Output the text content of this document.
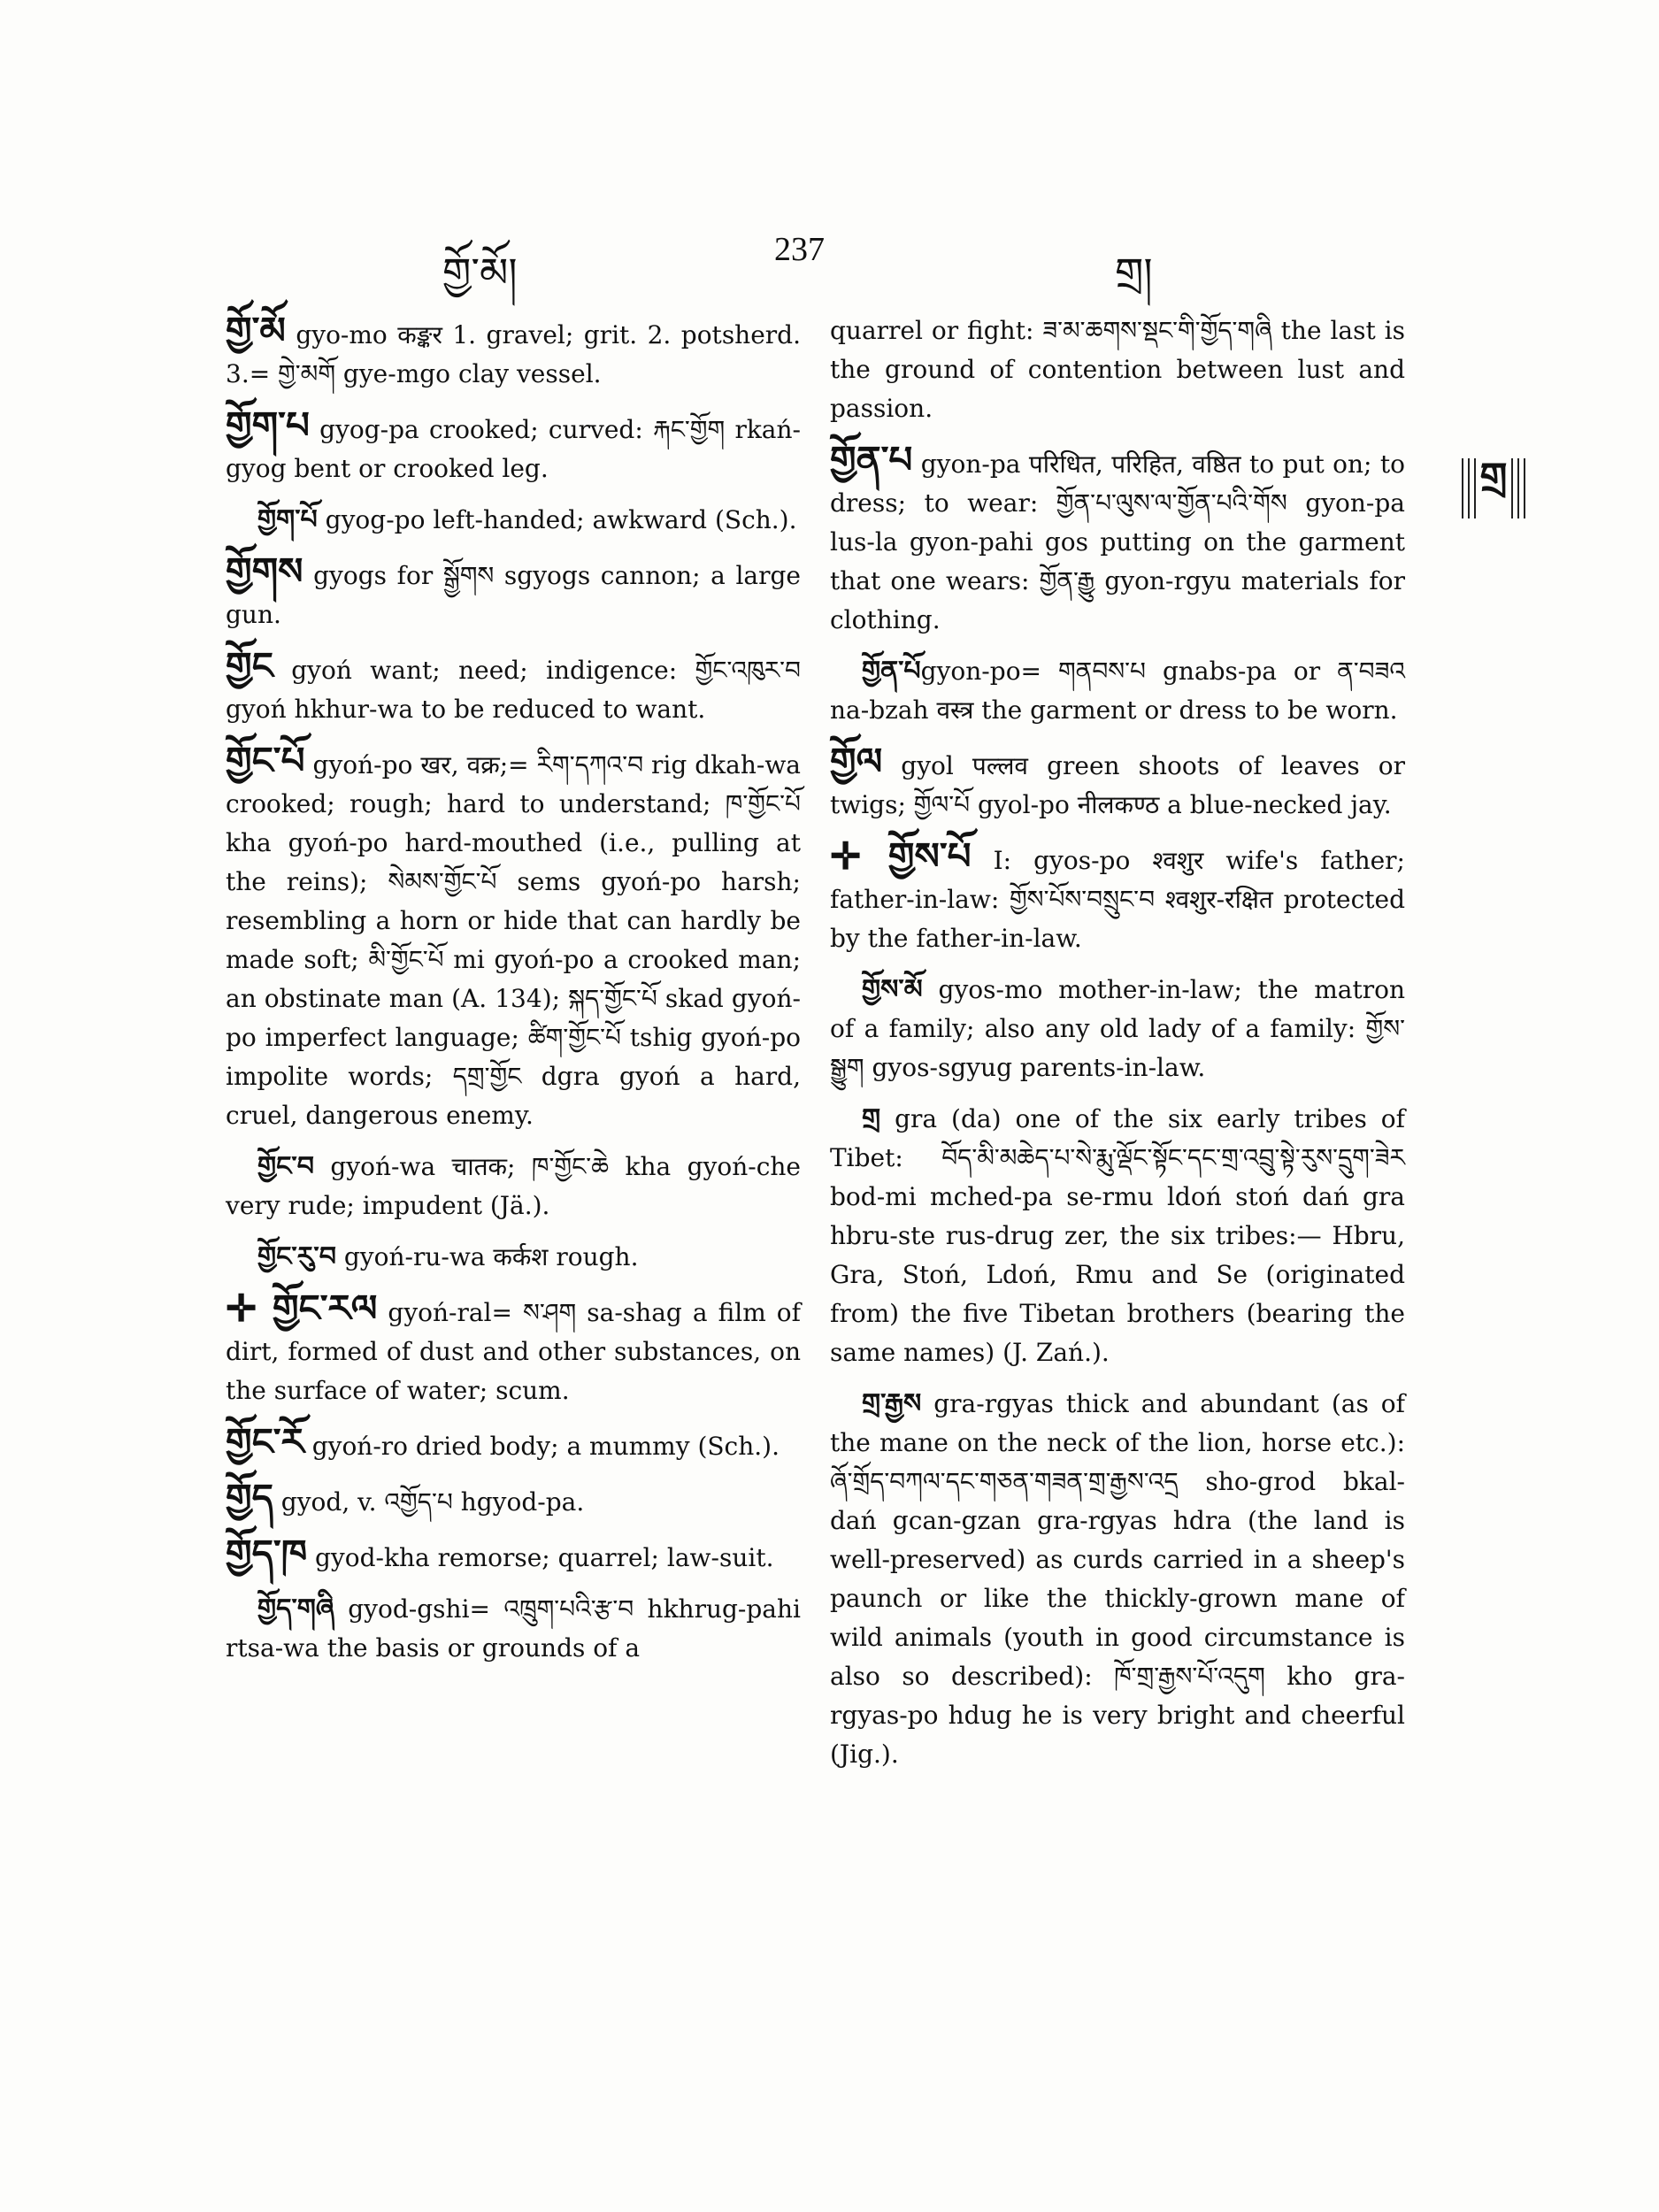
གྱོ་མོ།	237	གྲ།
གྲ

གྱོ་མོ gyo-mo कङ्कर 1. gravel; grit. 2. potsherd. 3.= གྱེ་མགོ gye-mgo clay vessel.

གྱོག་པ gyog-pa crooked; curved: རྐང་གྱོག rkań-gyog bent or crooked leg.

གྱོག་པོ gyog-po left-handed; awkward (Sch.).

གྱོགས gyogs for སྒྱོགས sgyogs cannon; a large gun.

གྱོང gyoń want; need; indigence: གྱོང་འཁུར་བ gyoń hkhur-wa to be reduced to want.

གྱོང་པོ gyoń-po खर, वक्र;= རིག་དཀའ་བ rig dkah-wa crooked; rough; hard to understand; ཁ་གྱོང་པོ kha gyoń-po hard-mouthed (i.e., pulling at the reins); སེམས་གྱོང་པོ sems gyoń-po harsh; resembling a horn or hide that can hardly be made soft; མི་གྱོང་པོ mi gyoń-po a crooked man; an obstinate man (A. 134); སྐད་གྱོང་པོ skad gyoń-po imperfect language; ཚིག་གྱོང་པོ tshig gyoń-po impolite words; དགྲ་གྱོང dgra gyoń a hard, cruel, dangerous enemy.

གྱོང་བ gyoń-wa चातक; ཁ་གྱོང་ཆེ kha gyoń-che very rude; impudent (Jä.).

གྱོང་རུ་བ gyoń-ru-wa कर्कश rough.

✛ གྱོང་རལ gyoń-ral= ས་ཤག sa-shag a film of dirt, formed of dust and other substances, on the surface of water; scum.

གྱོང་རོ gyoń-ro dried body; a mummy (Sch.).

གྱོད gyod, v. འགྱོད་པ hgyod-pa.

གྱོད་ཁ gyod-kha remorse; quarrel; law-suit.

གྱོད་གཞི gyod-gshi= འཁྲུག་པའི་རྩ་བ hkhrug-pahi rtsa-wa the basis or grounds of a

quarrel or fight: ཟ་མ་ཆགས་སྡང་གི་གྱོད་གཞི the last is the ground of contention between lust and passion.

གྱོན་པ gyon-pa परिधित, परिहित, वष्ठित to put on; to dress; to wear: གྱོན་པ་ལུས་ལ་གྱོན་པའི་གོས gyon-pa lus-la gyon-pahi gos putting on the garment that one wears: གྱོན་རྒྱུ gyon-rgyu materials for clothing.

གྱོན་པོgyon-po= གནབས་པ gnabs-pa or ན་བཟའ na-bzah वस्त्र the garment or dress to be worn.

གྱོལ gyol पल्लव green shoots of leaves or twigs; གྱོལ་པོ gyol-po नीलकण्ठ a blue-necked jay.

✛ གྱོས་པོ I: gyos-po श्वशुर wife's father; father-in-law: གྱོས་པོས་བསྲུང་བ श्वशुर-रक्षित protected by the father-in-law.

གྱོས་མོ gyos-mo mother-in-law; the matron of a family; also any old lady of a family: གྱོས་སྒྱུག gyos-sgyug parents-in-law.

གྲ gra (da) one of the six early tribes of Tibet: བོད་མི་མཆེད་པ་སེ་རྨུ་ལྡོང་སྟོང་དང་གྲ་འབྲུ་སྟེ་རུས་དྲུག་ཟེར bod-mi mched-pa se-rmu ldoń stoń dań gra hbru-ste rus-drug zer, the six tribes:— Hbru, Gra, Stoń, Ldoń, Rmu and Se (originated from) the five Tibetan brothers (bearing the same names) (J. Zań.).

གྲ་རྒྱས gra-rgyas thick and abundant (as of the mane on the neck of the lion, horse etc.): ཞོ་གྲོད་བཀལ་དང་གཅན་གཟན་གྲ་རྒྱས་འདྲ sho-grod bkal-dań gcan-gzan gra-rgyas hdra (the land is well-preserved) as curds carried in a sheep's paunch or like the thickly-grown mane of wild animals (youth in good circumstance is also so described): ཁོ་གྲ་རྒྱས་པོ་འདུག kho gra-rgyas-po hdug he is very bright and cheerful (Jig.).
